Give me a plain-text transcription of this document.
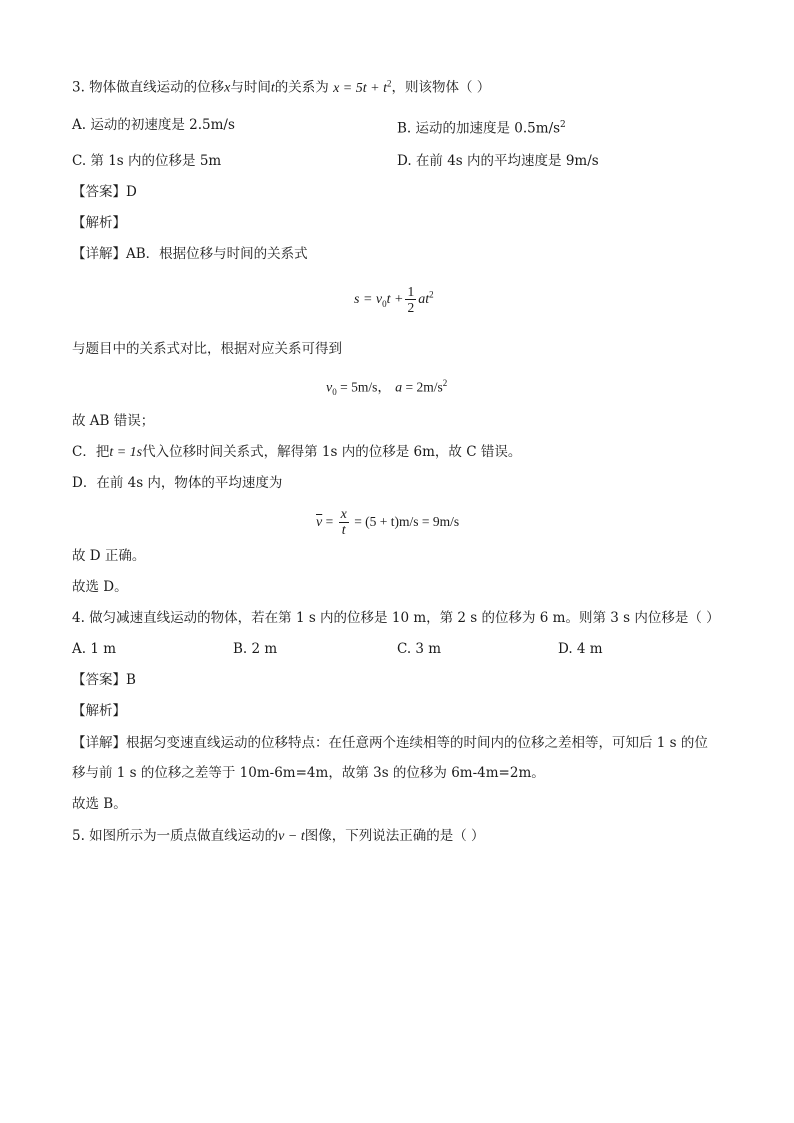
3. 物体做直线运动的位移x与时间t的关系为 $x = 5t + t^2$，则该物体（ ）
A. 运动的初速度是 2.5m/s	B. 运动的加速度是 $0.5m/s^2$
C. 第 1s 内的位移是 5m	D. 在前 4s 内的平均速度是 9m/s
【答案】D
【解析】
【详解】AB．根据位移与时间的关系式
$s = v_0t + \frac{1}{2} at^2$
与题目中的关系式对比，根据对应关系可得到
$v_0 = 5m/s$， $a = 2m/s^2$
故 AB 错误；
C．把t = 1s代入位移时间关系式，解得第 1s 内的位移是 6m，故 C 错误。
D．在前 4s 内，物体的平均速度为
$\overline{v} = \frac{x}{t} = (5 + t)m/s = 9m/s$
故 D 正确。
故选 D。
4. 做匀减速直线运动的物体，若在第 1 s 内的位移是 10 m，第 2 s 的位移为 6 m。则第 3 s 内位移是（ ）
A. 1 m	B. 2 m	C. 3 m	D. 4 m
【答案】B
【解析】
【详解】根据匀变速直线运动的位移特点：在任意两个连续相等的时间内的位移之差相等，可知后 1 s 的位
移与前 1 s 的位移之差等于 10m-6m=4m，故第 3s 的位移为 6m-4m=2m。
故选 B。
5. 如图所示为一质点做直线运动的v − t图像，下列说法正确的是（ ）
